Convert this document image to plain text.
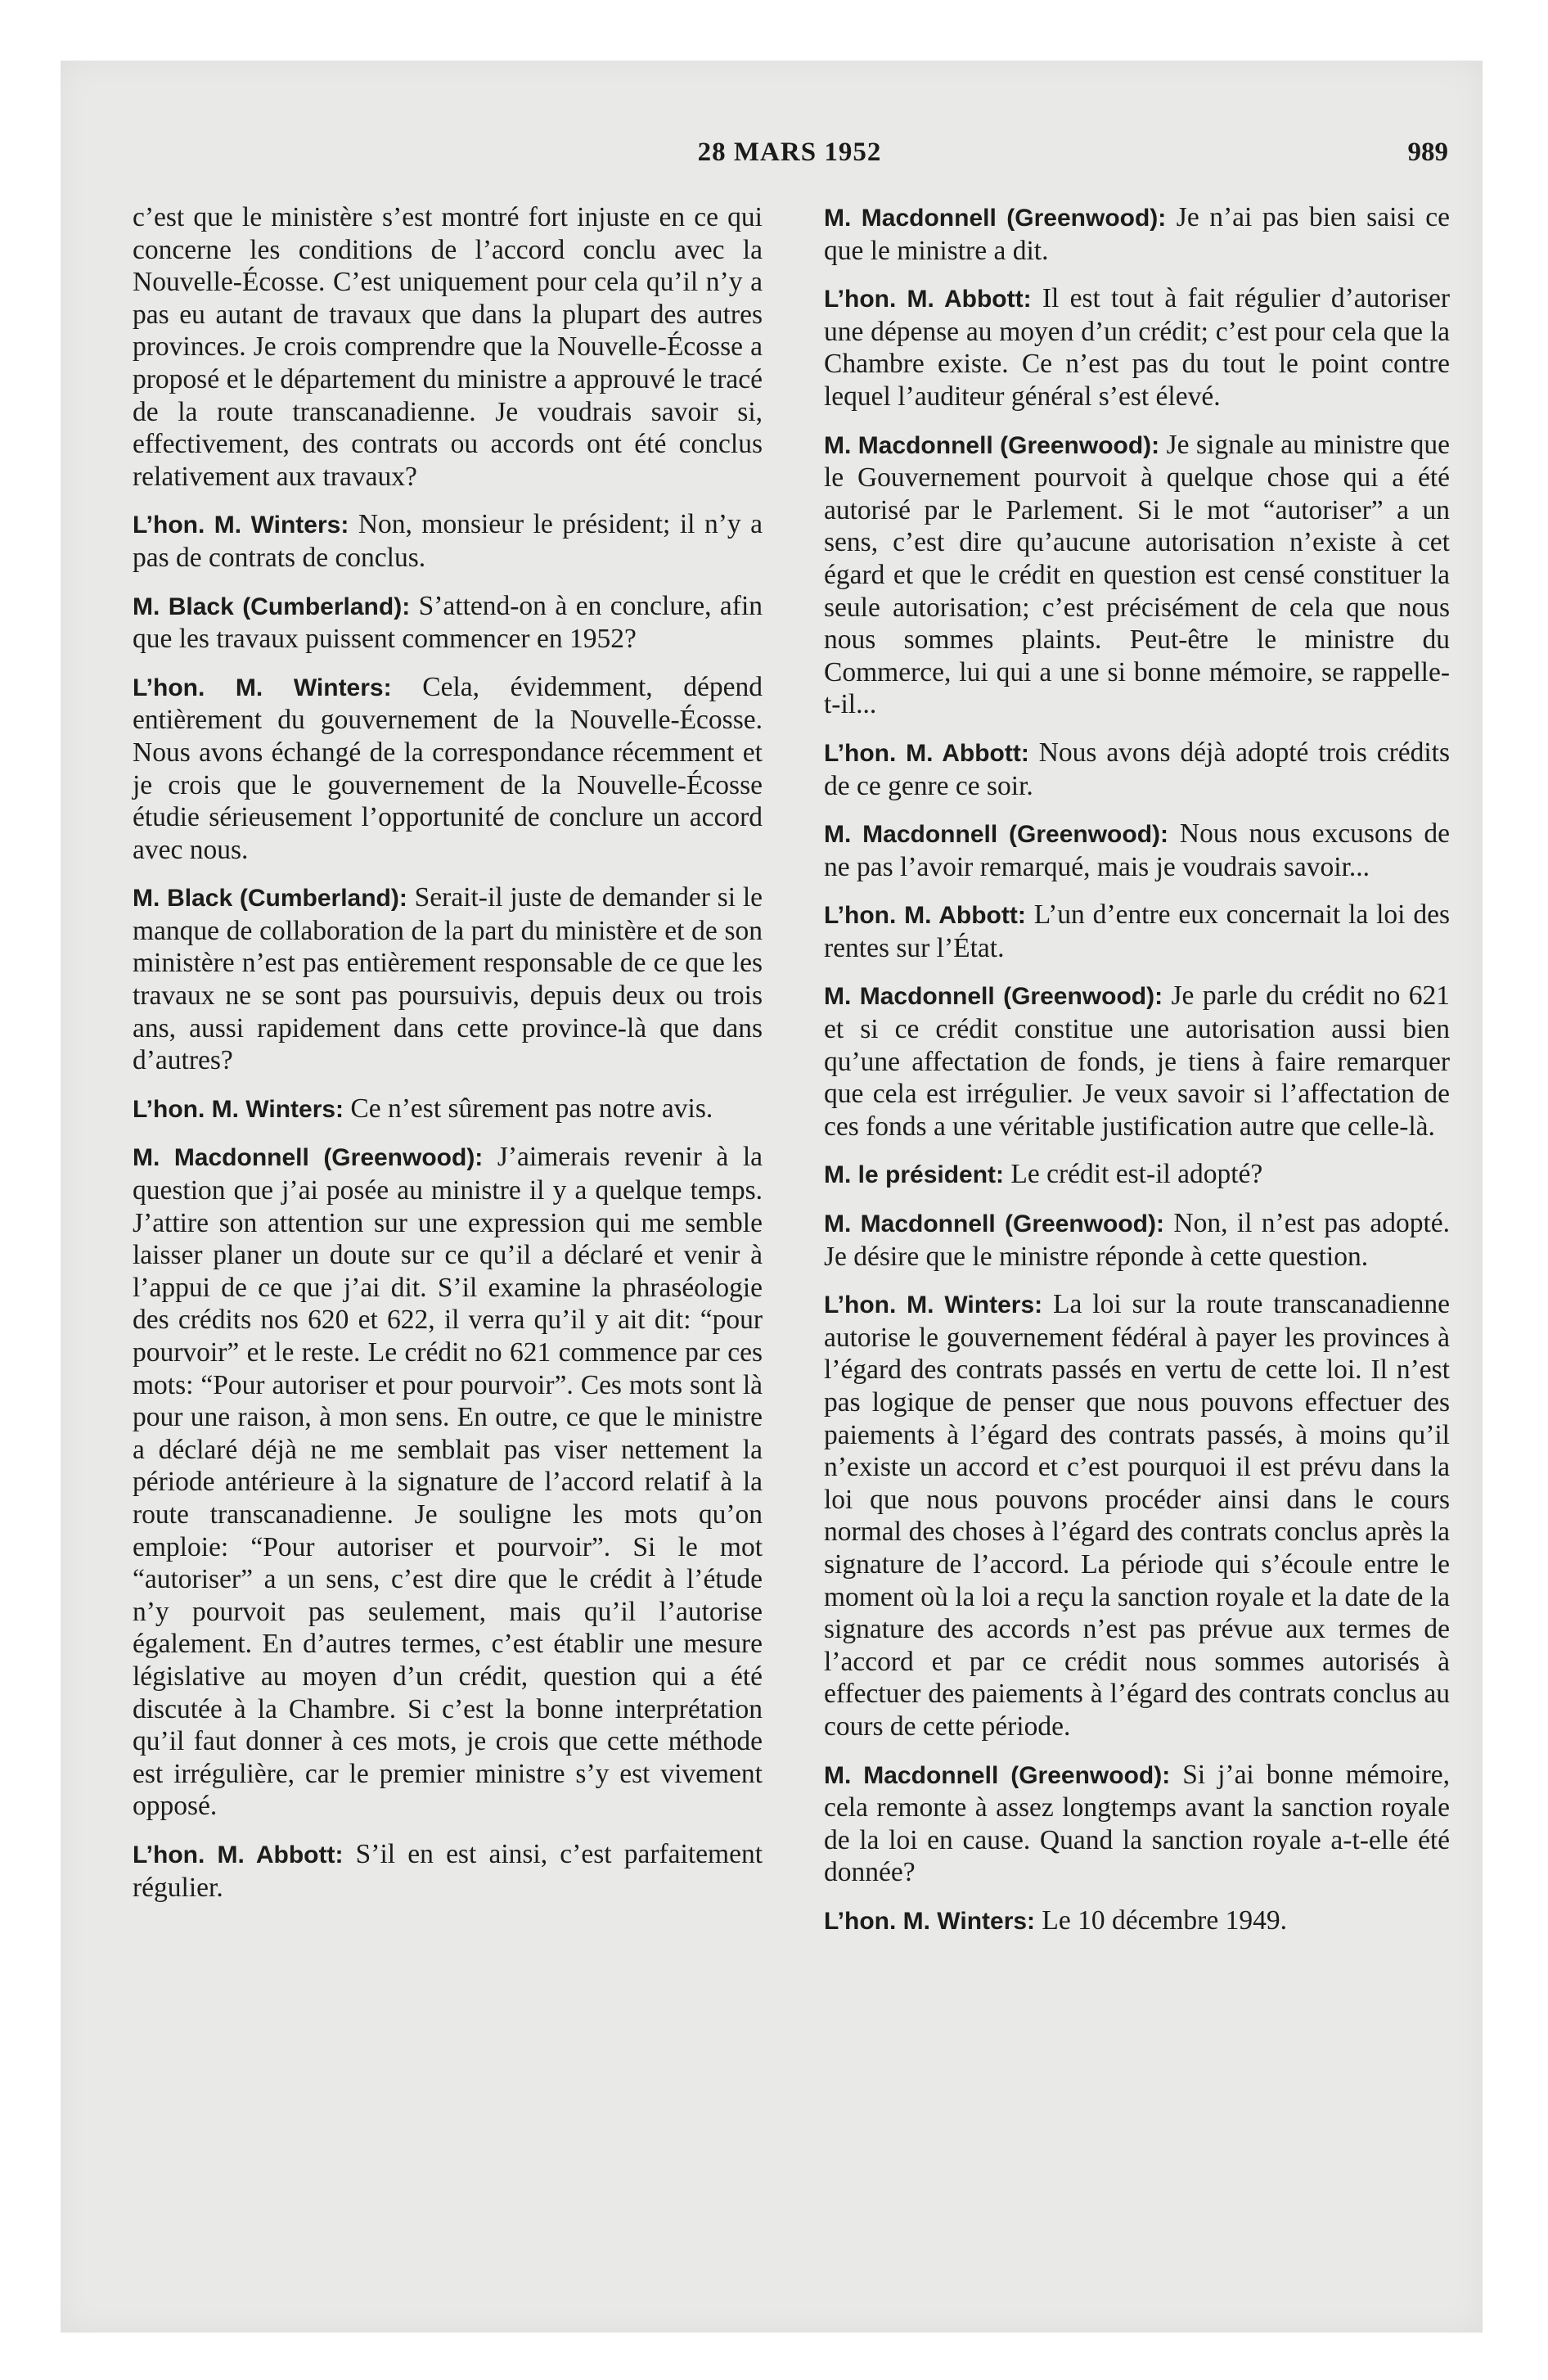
28 MARS 1952	989

c’est que le ministère s’est montré fort injuste en ce qui concerne les conditions de l’accord conclu avec la Nouvelle-Écosse. C’est uniquement pour cela qu’il n’y a pas eu autant de travaux que dans la plupart des autres provinces. Je crois comprendre que la Nouvelle-Écosse a proposé et le département du ministre a approuvé le tracé de la route transcanadienne. Je voudrais savoir si, effectivement, des contrats ou accords ont été conclus relativement aux travaux?

L’hon. M. Winters: Non, monsieur le président; il n’y a pas de contrats de conclus.

M. Black (Cumberland): S’attend-on à en conclure, afin que les travaux puissent commencer en 1952?

L’hon. M. Winters: Cela, évidemment, dépend entièrement du gouvernement de la Nouvelle-Écosse. Nous avons échangé de la correspondance récemment et je crois que le gouvernement de la Nouvelle-Écosse étudie sérieusement l’opportunité de conclure un accord avec nous.

M. Black (Cumberland): Serait-il juste de demander si le manque de collaboration de la part du ministère et de son ministère n’est pas entièrement responsable de ce que les travaux ne se sont pas poursuivis, depuis deux ou trois ans, aussi rapidement dans cette province-là que dans d’autres?

L’hon. M. Winters: Ce n’est sûrement pas notre avis.

M. Macdonnell (Greenwood): J’aimerais revenir à la question que j’ai posée au ministre il y a quelque temps. J’attire son attention sur une expression qui me semble laisser planer un doute sur ce qu’il a déclaré et venir à l’appui de ce que j’ai dit. S’il examine la phraséologie des crédits nos 620 et 622, il verra qu’il y ait dit: “pour pourvoir” et le reste. Le crédit no 621 commence par ces mots: “Pour autoriser et pour pourvoir”. Ces mots sont là pour une raison, à mon sens. En outre, ce que le ministre a déclaré déjà ne me semblait pas viser nettement la période antérieure à la signature de l’accord relatif à la route transcanadienne. Je souligne les mots qu’on emploie: “Pour autoriser et pourvoir”. Si le mot “autoriser” a un sens, c’est dire que le crédit à l’étude n’y pourvoit pas seulement, mais qu’il l’autorise également. En d’autres termes, c’est établir une mesure législative au moyen d’un crédit, question qui a été discutée à la Chambre. Si c’est la bonne interprétation qu’il faut donner à ces mots, je crois que cette méthode est irrégulière, car le premier ministre s’y est vivement opposé.

L’hon. M. Abbott: S’il en est ainsi, c’est parfaitement régulier.

M. Macdonnell (Greenwood): Je n’ai pas bien saisi ce que le ministre a dit.

L’hon. M. Abbott: Il est tout à fait régulier d’autoriser une dépense au moyen d’un crédit; c’est pour cela que la Chambre existe. Ce n’est pas du tout le point contre lequel l’auditeur général s’est élevé.

M. Macdonnell (Greenwood): Je signale au ministre que le Gouvernement pourvoit à quelque chose qui a été autorisé par le Parlement. Si le mot “autoriser” a un sens, c’est dire qu’aucune autorisation n’existe à cet égard et que le crédit en question est censé constituer la seule autorisation; c’est précisément de cela que nous nous sommes plaints. Peut-être le ministre du Commerce, lui qui a une si bonne mémoire, se rappelle-t-il...

L’hon. M. Abbott: Nous avons déjà adopté trois crédits de ce genre ce soir.

M. Macdonnell (Greenwood): Nous nous excusons de ne pas l’avoir remarqué, mais je voudrais savoir...

L’hon. M. Abbott: L’un d’entre eux concernait la loi des rentes sur l’État.

M. Macdonnell (Greenwood): Je parle du crédit no 621 et si ce crédit constitue une autorisation aussi bien qu’une affectation de fonds, je tiens à faire remarquer que cela est irrégulier. Je veux savoir si l’affectation de ces fonds a une véritable justification autre que celle-là.

M. le président: Le crédit est-il adopté?

M. Macdonnell (Greenwood): Non, il n’est pas adopté. Je désire que le ministre réponde à cette question.

L’hon. M. Winters: La loi sur la route transcanadienne autorise le gouvernement fédéral à payer les provinces à l’égard des contrats passés en vertu de cette loi. Il n’est pas logique de penser que nous pouvons effectuer des paiements à l’égard des contrats passés, à moins qu’il n’existe un accord et c’est pourquoi il est prévu dans la loi que nous pouvons procéder ainsi dans le cours normal des choses à l’égard des contrats conclus après la signature de l’accord. La période qui s’écoule entre le moment où la loi a reçu la sanction royale et la date de la signature des accords n’est pas prévue aux termes de l’accord et par ce crédit nous sommes autorisés à effectuer des paiements à l’égard des contrats conclus au cours de cette période.

M. Macdonnell (Greenwood): Si j’ai bonne mémoire, cela remonte à assez longtemps avant la sanction royale de la loi en cause. Quand la sanction royale a-t-elle été donnée?

L’hon. M. Winters: Le 10 décembre 1949.
